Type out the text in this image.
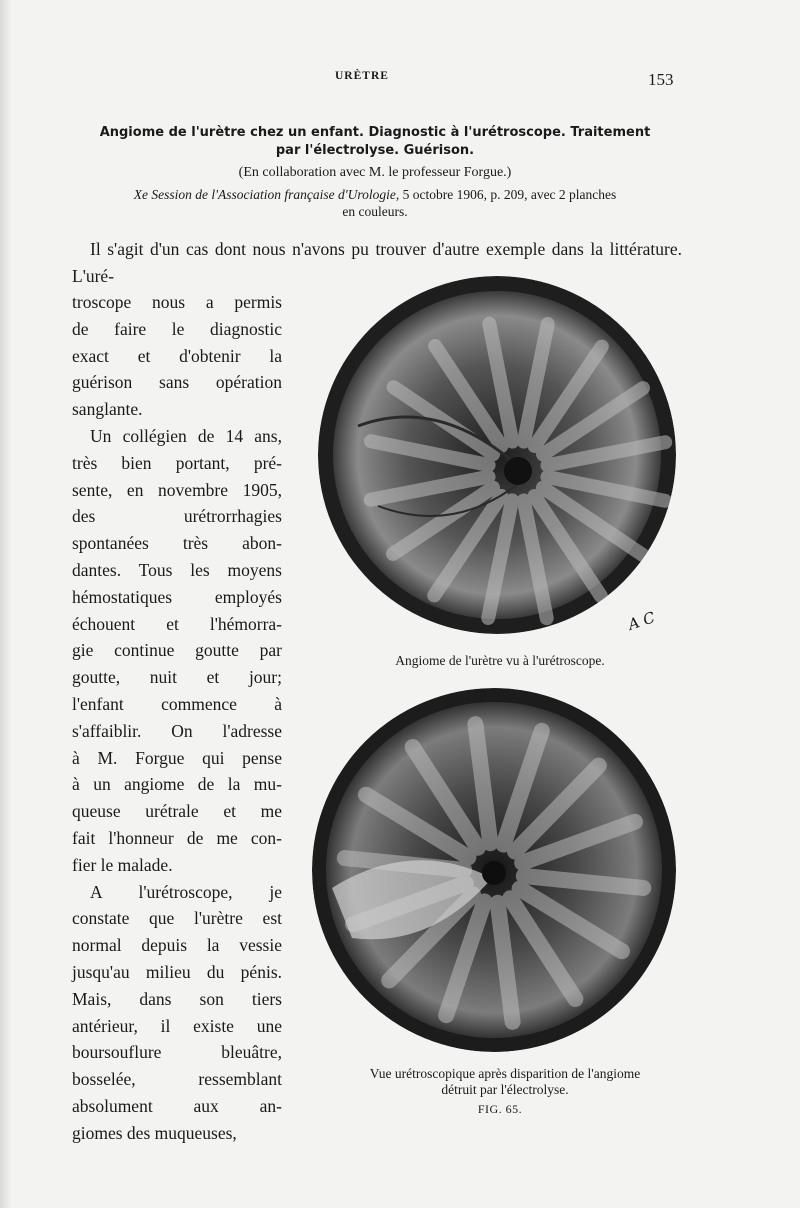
URÈTRE	153
Angiome de l'urètre chez un enfant. Diagnostic à l'urétroscope. Traitement
par l'électrolyse. Guérison.
(En collaboration avec M. le professeur Forgue.)
Xe Session de l'Association française d'Urologie, 5 octobre 1906, p. 209, avec 2 planches
en couleurs.
Il s'agit d'un cas dont nous n'avons pu trouver d'autre exemple dans la littérature. L'uré-
troscope nous a permis
de faire le diagnostic
exact et d'obtenir la
guérison sans opération
sanglante.
Un collégien de 14 ans,
très bien portant, pré-
sente, en novembre 1905,
des urétrorrhagies
spontanées très abon-
dantes. Tous les moyens
hémostatiques employés
échouent et l'hémorra-
gie continue goutte par
goutte, nuit et jour;
l'enfant commence à
s'affaiblir. On l'adresse
à M. Forgue qui pense
à un angiome de la mu-
queuse urétrale et me
fait l'honneur de me con-
fier le malade.
A l'urétroscope, je
constate que l'urètre est
normal depuis la vessie
jusqu'au milieu du pénis.
Mais, dans son tiers
antérieur, il existe une
boursouflure bleuâtre,
bosselée, ressemblant
absolument aux an-
giomes des muqueuses,
A C
Angiome de l'urètre vu à l'urétroscope.
Vue urétroscopique après disparition de l'angiome
détruit par l'électrolyse.
FIG. 65.
